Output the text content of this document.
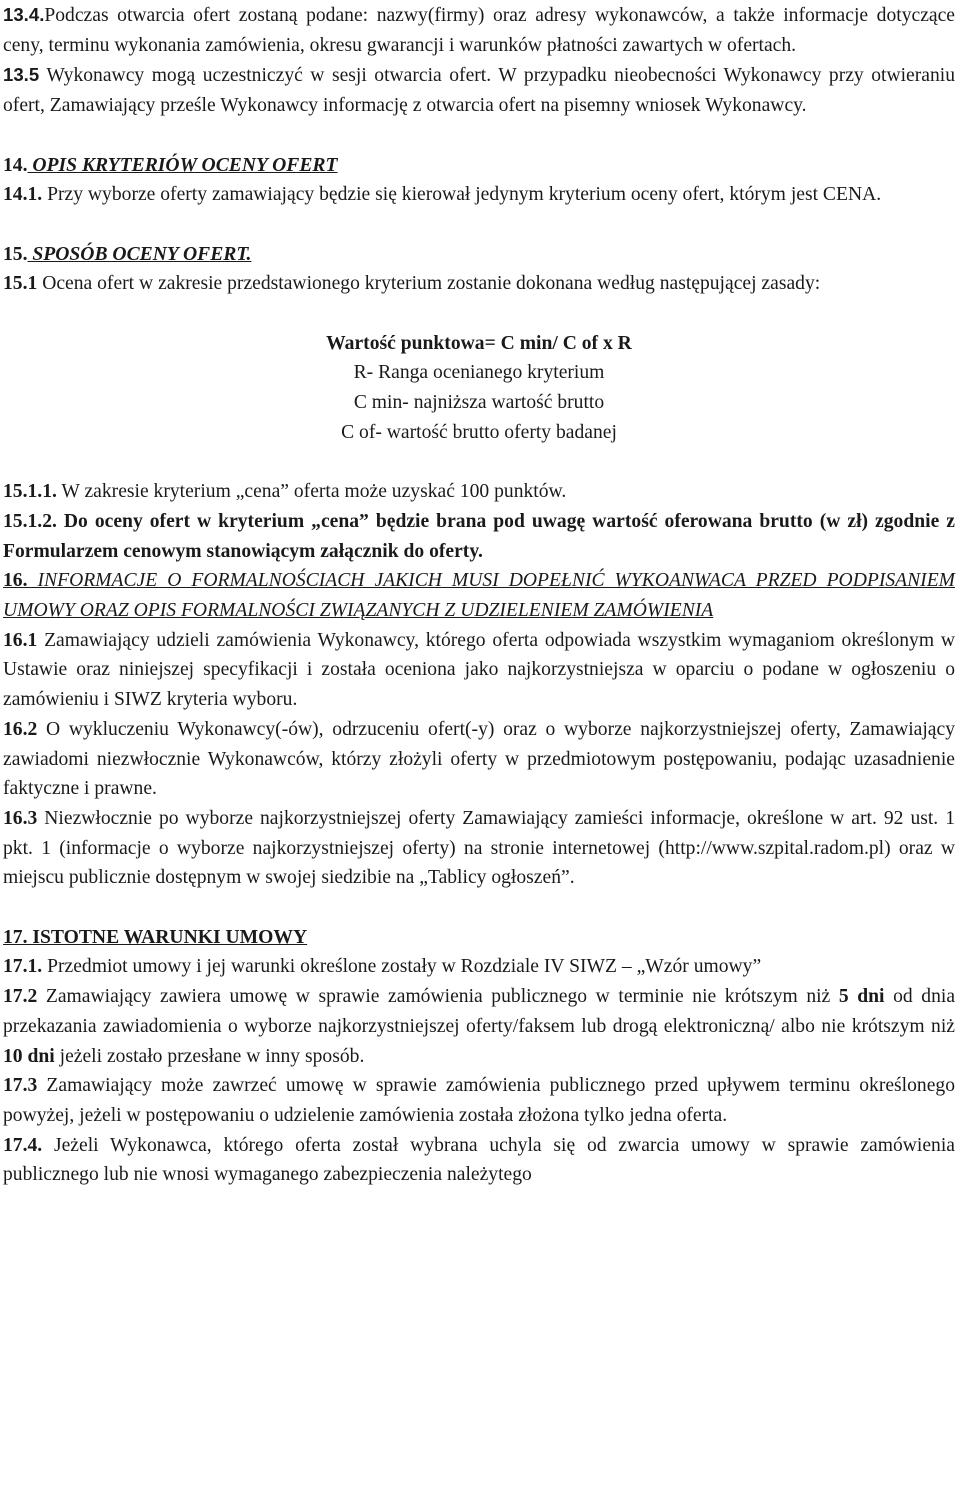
13.4.Podczas otwarcia ofert zostaną podane: nazwy(firmy) oraz adresy wykonawców, a także informacje dotyczące ceny, terminu wykonania zamówienia, okresu gwarancji i warunków płatności zawartych w ofertach.

13.5 Wykonawcy mogą uczestniczyć w sesji otwarcia ofert. W przypadku nieobecności Wykonawcy przy otwieraniu ofert, Zamawiający prześle Wykonawcy informację z otwarcia ofert na pisemny wniosek Wykonawcy.

14. OPIS KRYTERIÓW OCENY OFERT

14.1. Przy wyborze oferty zamawiający będzie się kierował jedynym kryterium oceny ofert, którym jest CENA.

15. SPOSÓB OCENY OFERT.

15.1 Ocena ofert w zakresie przedstawionego kryterium zostanie dokonana według następującej zasady:

Wartość punktowa= C min/ C of x R

R- Ranga ocenianego kryterium

C min- najniższa wartość brutto

C of- wartość brutto oferty badanej

15.1.1. W zakresie kryterium „cena” oferta może uzyskać 100 punktów.

15.1.2. Do oceny ofert w kryterium „cena” będzie brana pod uwagę wartość oferowana brutto (w zł) zgodnie z Formularzem cenowym stanowiącym załącznik do oferty.

16. INFORMACJE O FORMALNOŚCIACH JAKICH MUSI DOPEŁNIĆ WYKOANWACA PRZED PODPISANIEM UMOWY ORAZ OPIS FORMALNOŚCI ZWIĄZANYCH Z UDZIELENIEM ZAMÓWIENIA

16.1 Zamawiający udzieli zamówienia Wykonawcy, którego oferta odpowiada wszystkim wymaganiom określonym w Ustawie oraz niniejszej specyfikacji i została oceniona jako najkorzystniejsza w oparciu o podane w ogłoszeniu o zamówieniu i SIWZ kryteria wyboru.

16.2 O wykluczeniu Wykonawcy(-ów), odrzuceniu ofert(-y) oraz o wyborze najkorzystniejszej oferty, Zamawiający zawiadomi niezwłocznie Wykonawców, którzy złożyli oferty w przedmiotowym postępowaniu, podając uzasadnienie faktyczne i prawne.

16.3 Niezwłocznie po wyborze najkorzystniejszej oferty Zamawiający zamieści informacje, określone w art. 92 ust. 1 pkt. 1 (informacje o wyborze najkorzystniejszej oferty) na stronie internetowej (http://www.szpital.radom.pl) oraz w miejscu publicznie dostępnym w swojej siedzibie na „Tablicy ogłoszeń”.

17. ISTOTNE WARUNKI UMOWY

17.1. Przedmiot umowy i jej warunki określone zostały w Rozdziale IV SIWZ – „Wzór umowy”

17.2 Zamawiający zawiera umowę w sprawie zamówienia publicznego w terminie nie krótszym niż 5 dni od dnia przekazania zawiadomienia o wyborze najkorzystniejszej oferty/faksem lub drogą elektroniczną/ albo nie krótszym niż 10 dni jeżeli zostało przesłane w inny sposób.

17.3 Zamawiający może zawrzeć umowę w sprawie zamówienia publicznego przed upływem terminu określonego powyżej, jeżeli w postępowaniu o udzielenie zamówienia została złożona tylko jedna oferta.

17.4. Jeżeli Wykonawca, którego oferta został wybrana uchyla się od zwarcia umowy w sprawie zamówienia publicznego lub nie wnosi wymaganego zabezpieczenia należytego
